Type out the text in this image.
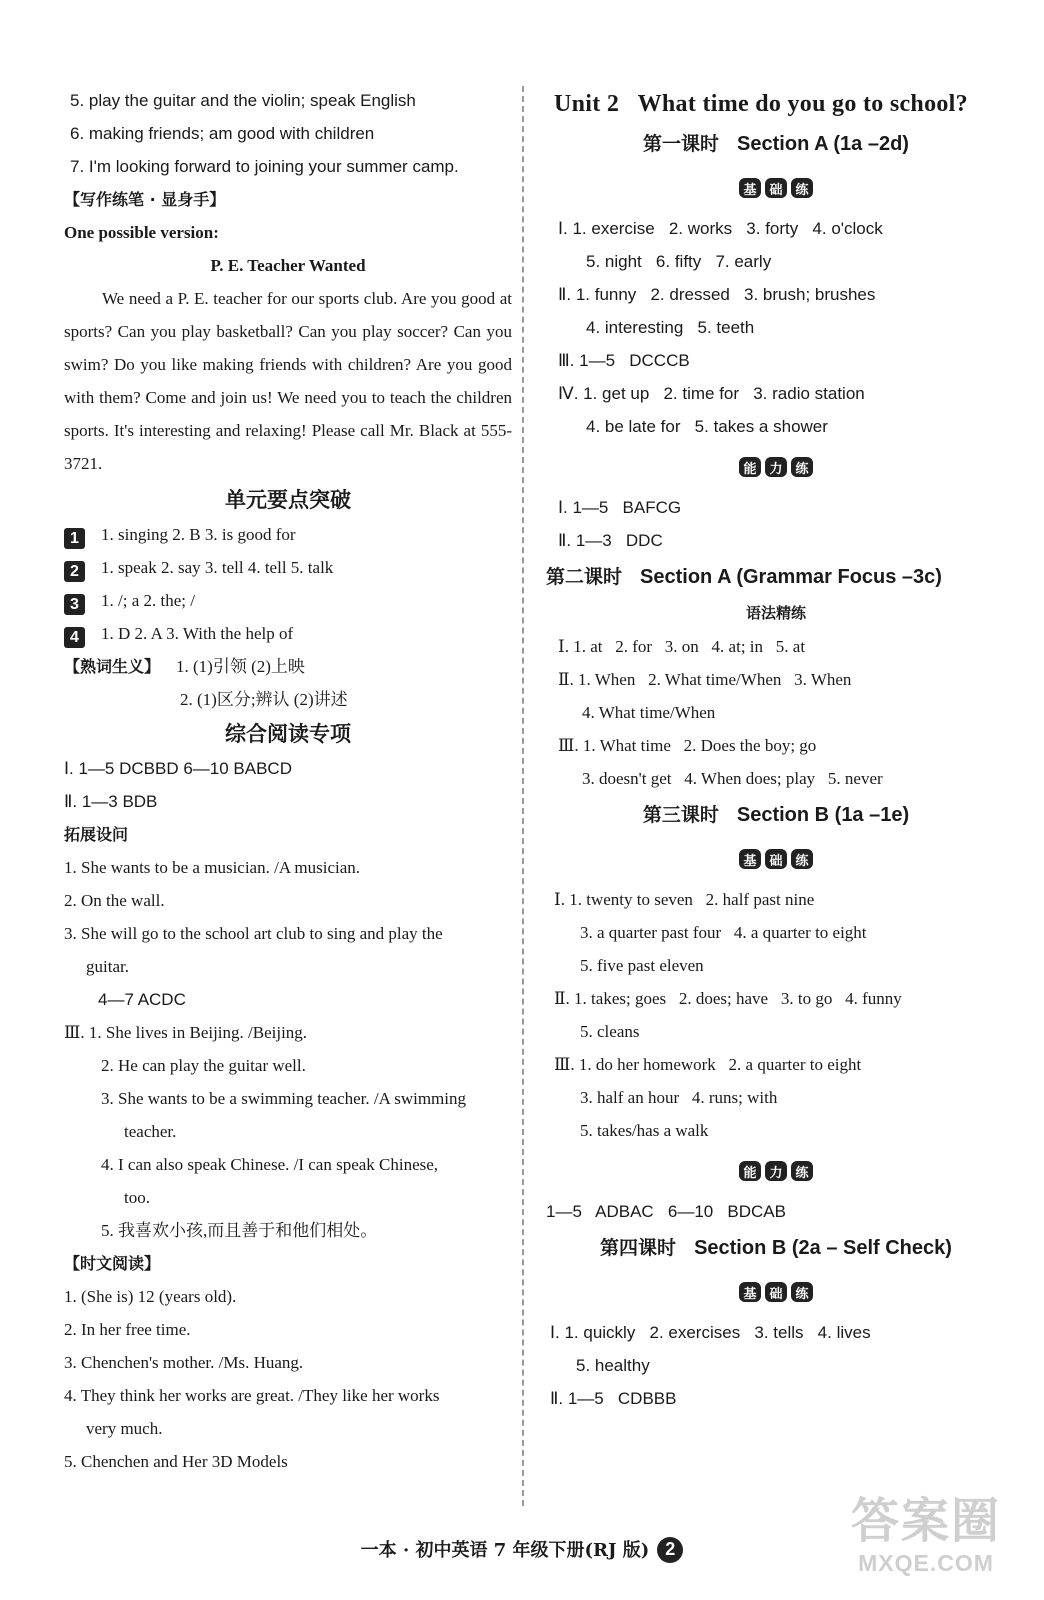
5. play the guitar and the violin; speak English
6. making friends; am good with children
7. I'm looking forward to joining your summer camp.
【写作练笔 · 显身手】
One possible version:
P. E. Teacher Wanted
We need a P. E. teacher for our sports club. Are you good at sports? Can you play basketball? Can you play soccer? Can you swim? Do you like making friends with children? Are you good with them? Come and join us! We need you to teach the children sports. It's interesting and relaxing! Please call Mr. Black at 555-3721.
单元要点突破
1 1. singing 2. B 3. is good for
2 1. speak 2. say 3. tell 4. tell 5. talk
3 1. /; a 2. the; /
4 1. D 2. A 3. With the help of
【熟词生义】 1. (1)引领 (2)上映
2. (1)区分;辨认 (2)讲述
综合阅读专项
Ⅰ. 1—5 DCBBD 6—10 BABCD
Ⅱ. 1—3 BDB
拓展设问
1. She wants to be a musician. /A musician.
2. On the wall.
3. She will go to the school art club to sing and play the
guitar.
4—7 ACDC
Ⅲ. 1. She lives in Beijing. /Beijing.
2. He can play the guitar well.
3. She wants to be a swimming teacher. /A swimming
teacher.
4. I can also speak Chinese. /I can speak Chinese,
too.
5. 我喜欢小孩,而且善于和他们相处。
【时文阅读】
1. (She is) 12 (years old).
2. In her free time.
3. Chenchen's mother. /Ms. Huang.
4. They think her works are great. /They like her works
very much.
5. Chenchen and Her 3D Models
Unit 2   What time do you go to school?
第一课时 Section A (1a –2d)
基 础 练
Ⅰ. 1. exercise   2. works   3. forty   4. o'clock
5. night   6. fifty   7. early
Ⅱ. 1. funny   2. dressed   3. brush; brushes
4. interesting   5. teeth
Ⅲ. 1—5   DCCCB
Ⅳ. 1. get up   2. time for   3. radio station
4. be late for   5. takes a shower
能 力 练
Ⅰ. 1—5   BAFCG
Ⅱ. 1—3   DDC
第二课时 Section A (Grammar Focus –3c)
语法精练
Ⅰ. 1. at   2. for   3. on   4. at; in   5. at
Ⅱ. 1. When   2. What time/When   3. When
4. What time/When
Ⅲ. 1. What time   2. Does the boy; go
3. doesn't get   4. When does; play   5. never
第三课时 Section B (1a –1e)
基 础 练
Ⅰ. 1. twenty to seven   2. half past nine
3. a quarter past four   4. a quarter to eight
5. five past eleven
Ⅱ. 1. takes; goes   2. does; have   3. to go   4. funny
5. cleans
Ⅲ. 1. do her homework   2. a quarter to eight
3. half an hour   4. runs; with
5. takes/has a walk
能 力 练
1—5   ADBAC   6—10   BDCAB
第四课时 Section B (2a – Self Check)
基 础 练
Ⅰ. 1. quickly   2. exercises   3. tells   4. lives
5. healthy
Ⅱ. 1—5   CDBBB
一本 · 初中英语 7 年级下册(RJ 版) 2	答案圈
MXQE.COM
